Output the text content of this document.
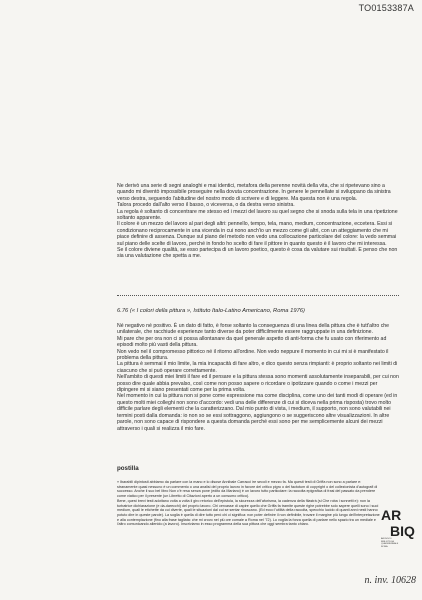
TO0153387A

Ne derivò una serie di segni analoghi e mai identici, metafora della perenne novità della vita, che si ripetevano sino a quando mi diventò impossibile proseguire nella dovuta concentrazione. In genere le pennellate si sviluppano da sinistra verso destra, seguendo l'abitudine del nostro modo di scrivere e di leggere. Ma questa non è una regola.

Talora procedo dall'alto verso il basso, o viceversa, o da destra verso sinistra.

La regola è soltanto di concentrare me stesso ed i mezzi del lavoro su quel segno che si snoda sulla tela in una ripetizione soltanto apparente.

Il colore è un mezzo del lavoro al pari degli altri: pennello, tempo, tela, mano, medium, concentrazione, eccetera. Essi si condizionano reciprocamente in una vicenda in cui nono anch'io un mezzo come gli altri, con un atteggiamento che mi piace definire di assenza. Dunque sul piano del metodo non vedo una collocazione particolare del colore: la vedo semmai sul piano delle scelte di lavoro, perché in fondo ho scelto di fare il pittore in quanto questo è il lavoro che mi interessa.

Se il colore diviene qualità, se esso partecipa di un lavoro poetico, questo è cosa da valutare sui risultati. E penso che non sia una valutazione che spetta a me.

6.76 (« I colori della pittura », Istituto Italo-Latino Americano, Roma 1976)

Né negativo né positivo. È un dato di fatto, è forse soltanto la conseguenza di una linea della pittura che è tutt'altro che unilaterale, che racchiude esperienze tanto diverse da poter difficilmente essere raggruppate in una definizione.

Mi pare che per ora non ci si possa allontanare da quel generale aspetto di anti-forma che fu usato con riferimento ad episodi molto più vasti della pittura.

Non vedo nel il compromesso pittorico né il ritorno all'ordine. Non vedo neppure il momento in cui mi si è manifestato il problema della pittura.

La pittura è semmai il mio limite, la mia incapacità di fare altro, e dico questo senza rimpianti: è proprio soltanto nei limiti di ciascuno che si può operare correttamente.

Nell'ambito di questi miei limiti il fare ed il pensare e la pittura stessa sono momenti assolutamente inseparabili, per cui non posso dire quale abbia prevalso, così come non posso sapere o ricordare o ipotizzare quando o come i mezzi per dipingere mi si siano presentati come per la prima volta.

Nel momento in cui la pittura non si pone come espressione ma come disciplina, come uno dei tanti modi di operare (ed in questo molti miei colleghi non sono d'accordo: vedi una delle differenze di cui si diceva nella prima risposta) trovo molto difficile parlare degli elementi che la caratterizzano. Dal mio punto di vista, i medium, il supporto, non sono valutabili nei termini posti dalla domanda: io non so se essi sottraggono, aggiungono o se suggeriscono altre visualizzazioni. In altre parole, non sono capace di rispondere a questa domanda perché essi sono per me semplicemente alcuni dei mezzi attraverso i quali si realizza il mio fare.

postilla

« Ibarabili dipintosti abbiamo da parlare con la mano e lo disose Annibale Carracci ire secoli e mezzo fa. Ma questi testi di Griffa non sono a parlare e: stranamente quasi nessuno è un commento o una analisi del proprio lavoro in favore del critico pigro o del factotum di copyright o del collezionista d'autografi di successo. Anche il suo bel libro Non c'è resa senza pone (edito da Mariano) è un lavoro tutto particolare: la raccolta epigrafica di frasi del passato da prendere come viatico per il presente (un Libretto di Citazioni aperto a un consumo critico).

Bene, quest brevi testi adottano volta a volta il giro retorico dell'epistola, la sicurezza dell'aforisma, la cadenza della filastrà (si Che roba i sonnetti e): non la turbatrice dichiarazione (e da-darecchi) del proprio lavoro. Chi cercasse di capire quello che Griffa fa tramite queste righe potrebbe solo sapere quelli sono i suoi medium, quali le etichette da cui diverte, quali le situazioni dal cui se sentar rinoscano. (Ed ecco l'utilità della raccolta, specchio lucido di quanti anni nesti hanno potuto dire in queste parole). La soglia è quella di dire tutto però chi ci significa: non poter definire il non definibile, trovare il margine più lungo dell'interpretazione e alla contemplazione (fino alla frase tagliata: che mi crovo nel più ore comale a Roma nel '72). Lo voglia la forza quella di parlare nello spazio tra un mediale e l'altro comunicando allenido (a lavoro). Inscriviamo in esso programma della sua pittura che oggi sembra tanto chiaro.

AR
BIQ
ARCHIVIO
BIBLIOTECA
QUADRIENNALE
ROMA
n. inv. 10628
